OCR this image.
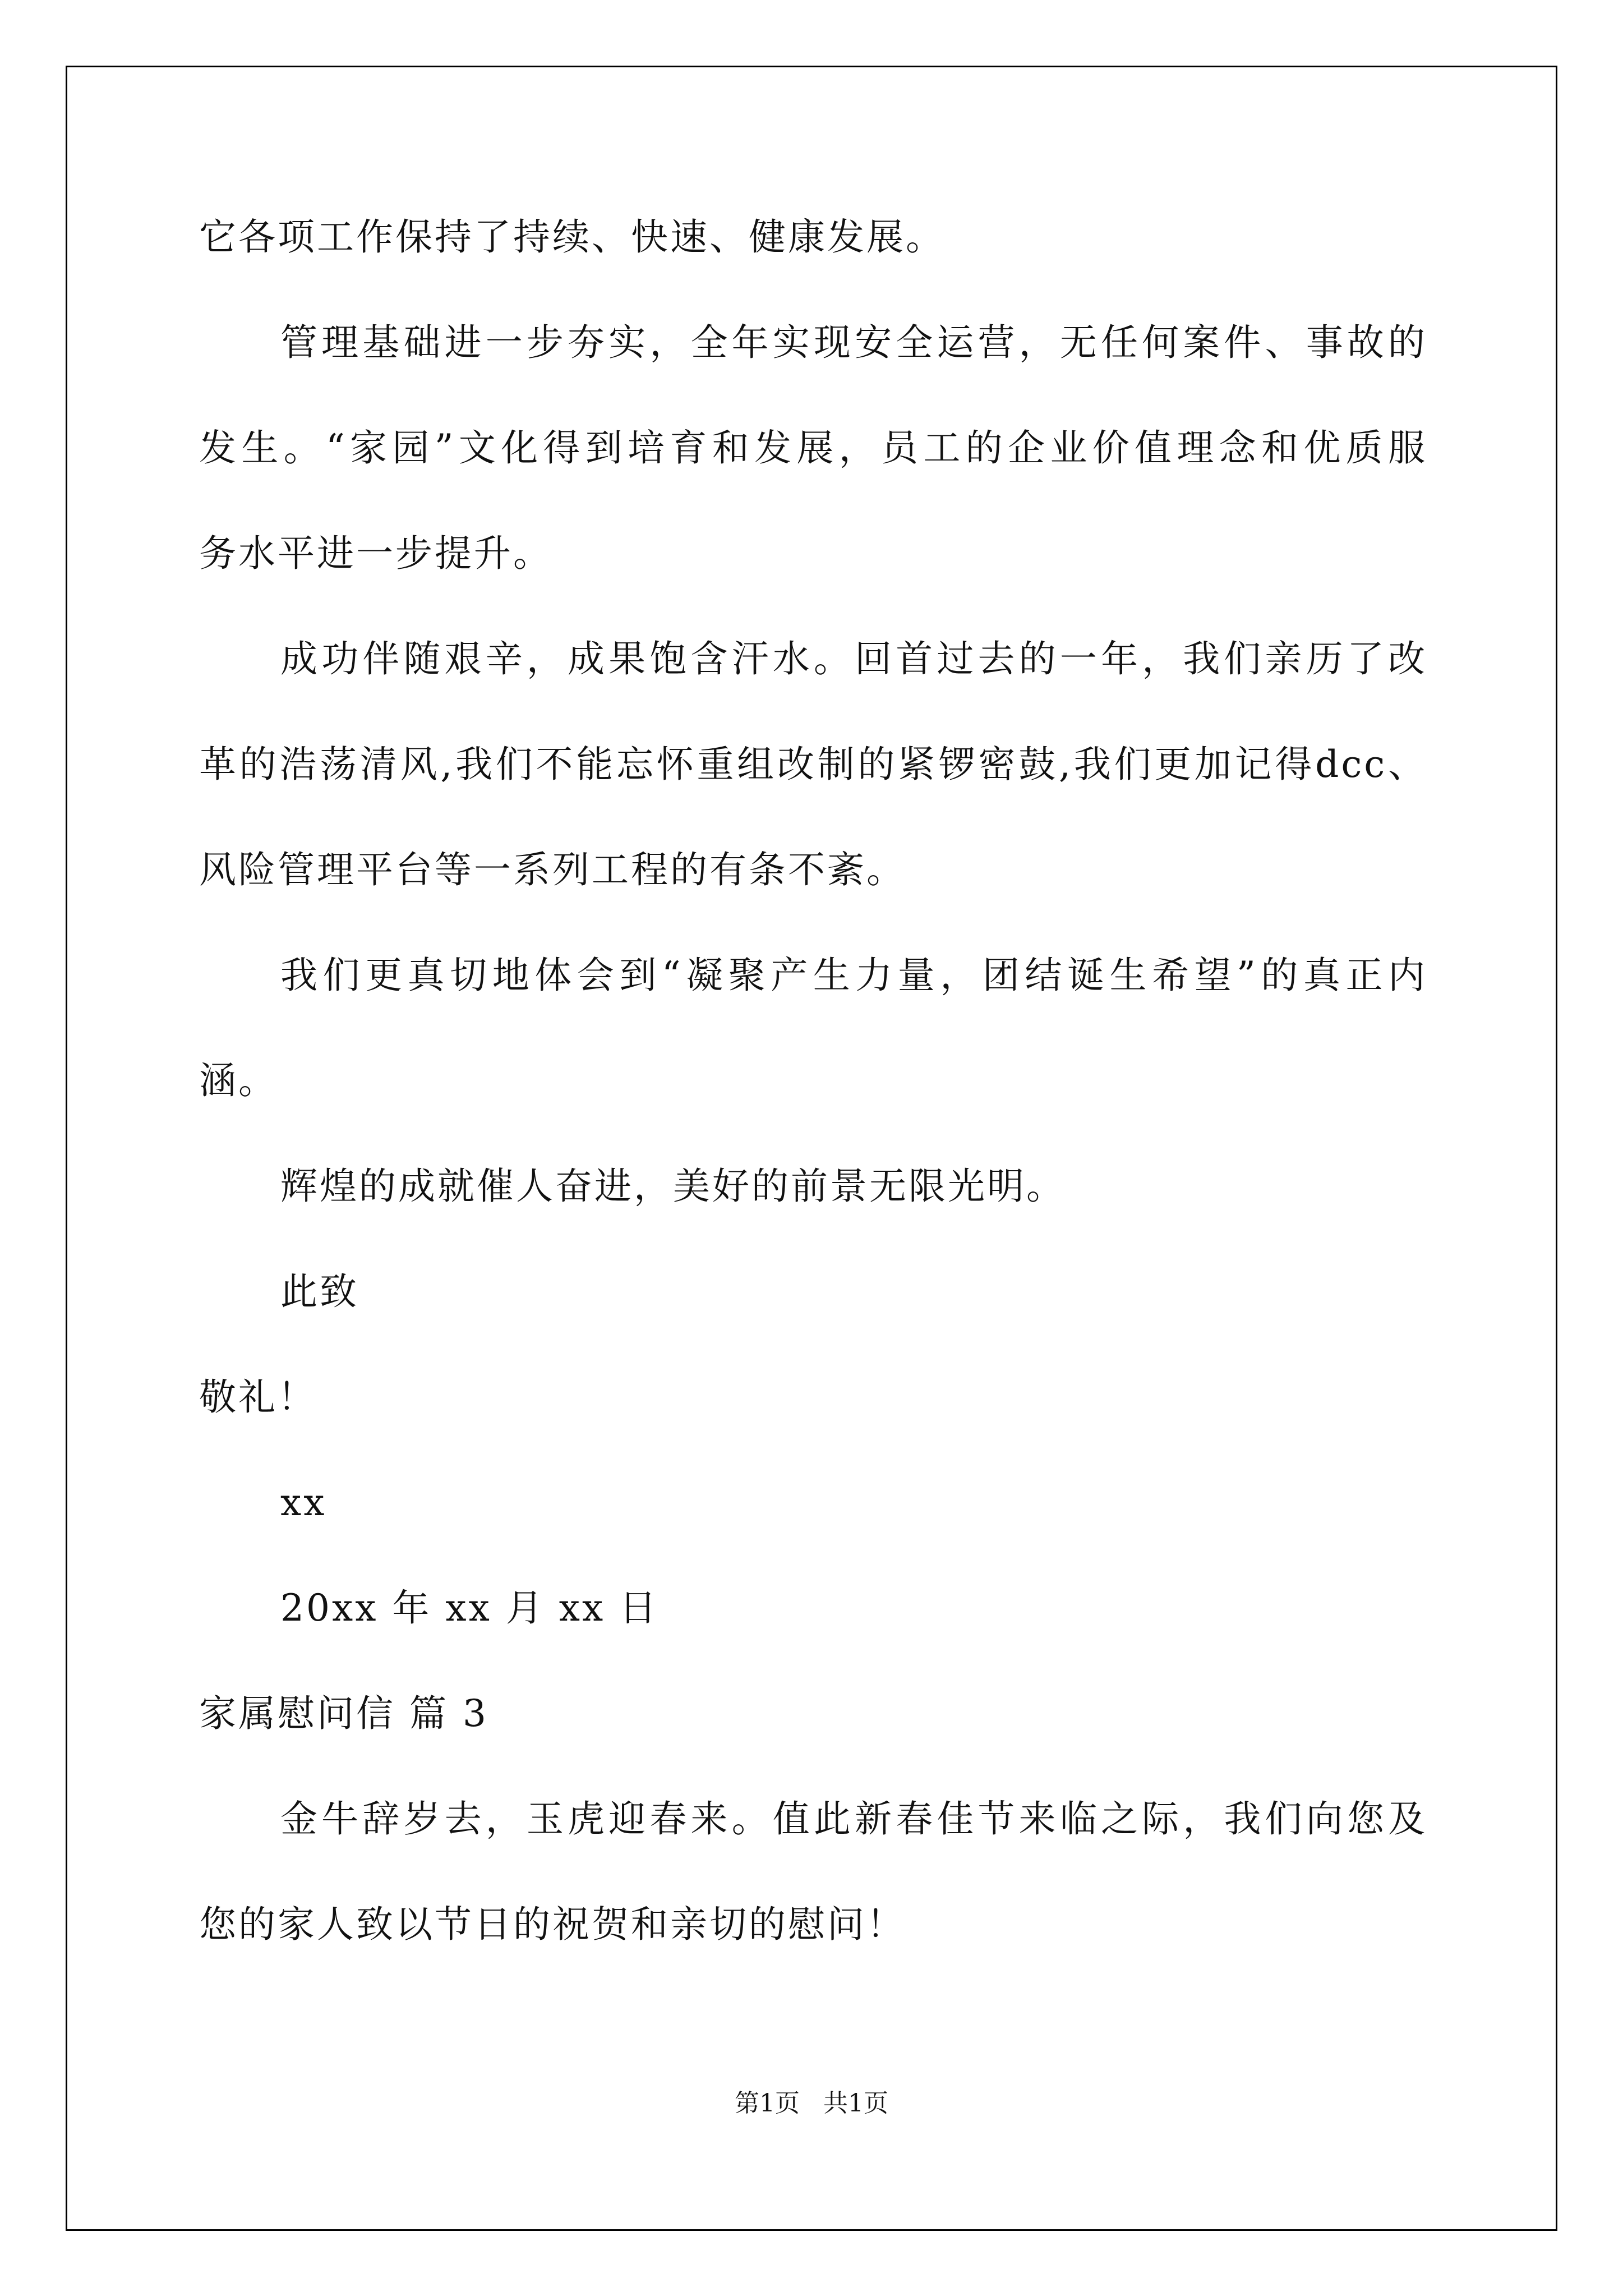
它各项工作保持了持续、快速、健康发展。
管理基础进一步夯实，全年实现安全运营，无任何案件、事故的
发生。“家园”文化得到培育和发展，员工的企业价值理念和优质服
务水平进一步提升。
成功伴随艰辛，成果饱含汗水。回首过去的一年，我们亲历了改
革的浩荡清风,我们不能忘怀重组改制的紧锣密鼓,我们更加记得dcc、
风险管理平台等一系列工程的有条不紊。
我们更真切地体会到“凝聚产生力量，团结诞生希望”的真正内
涵。
辉煌的成就催人奋进，美好的前景无限光明。
此致
敬礼！
xx
20xx 年 xx 月 xx 日
家属慰问信 篇 3
金牛辞岁去，玉虎迎春来。值此新春佳节来临之际，我们向您及
您的家人致以节日的祝贺和亲切的慰问！
第1页   共1页
